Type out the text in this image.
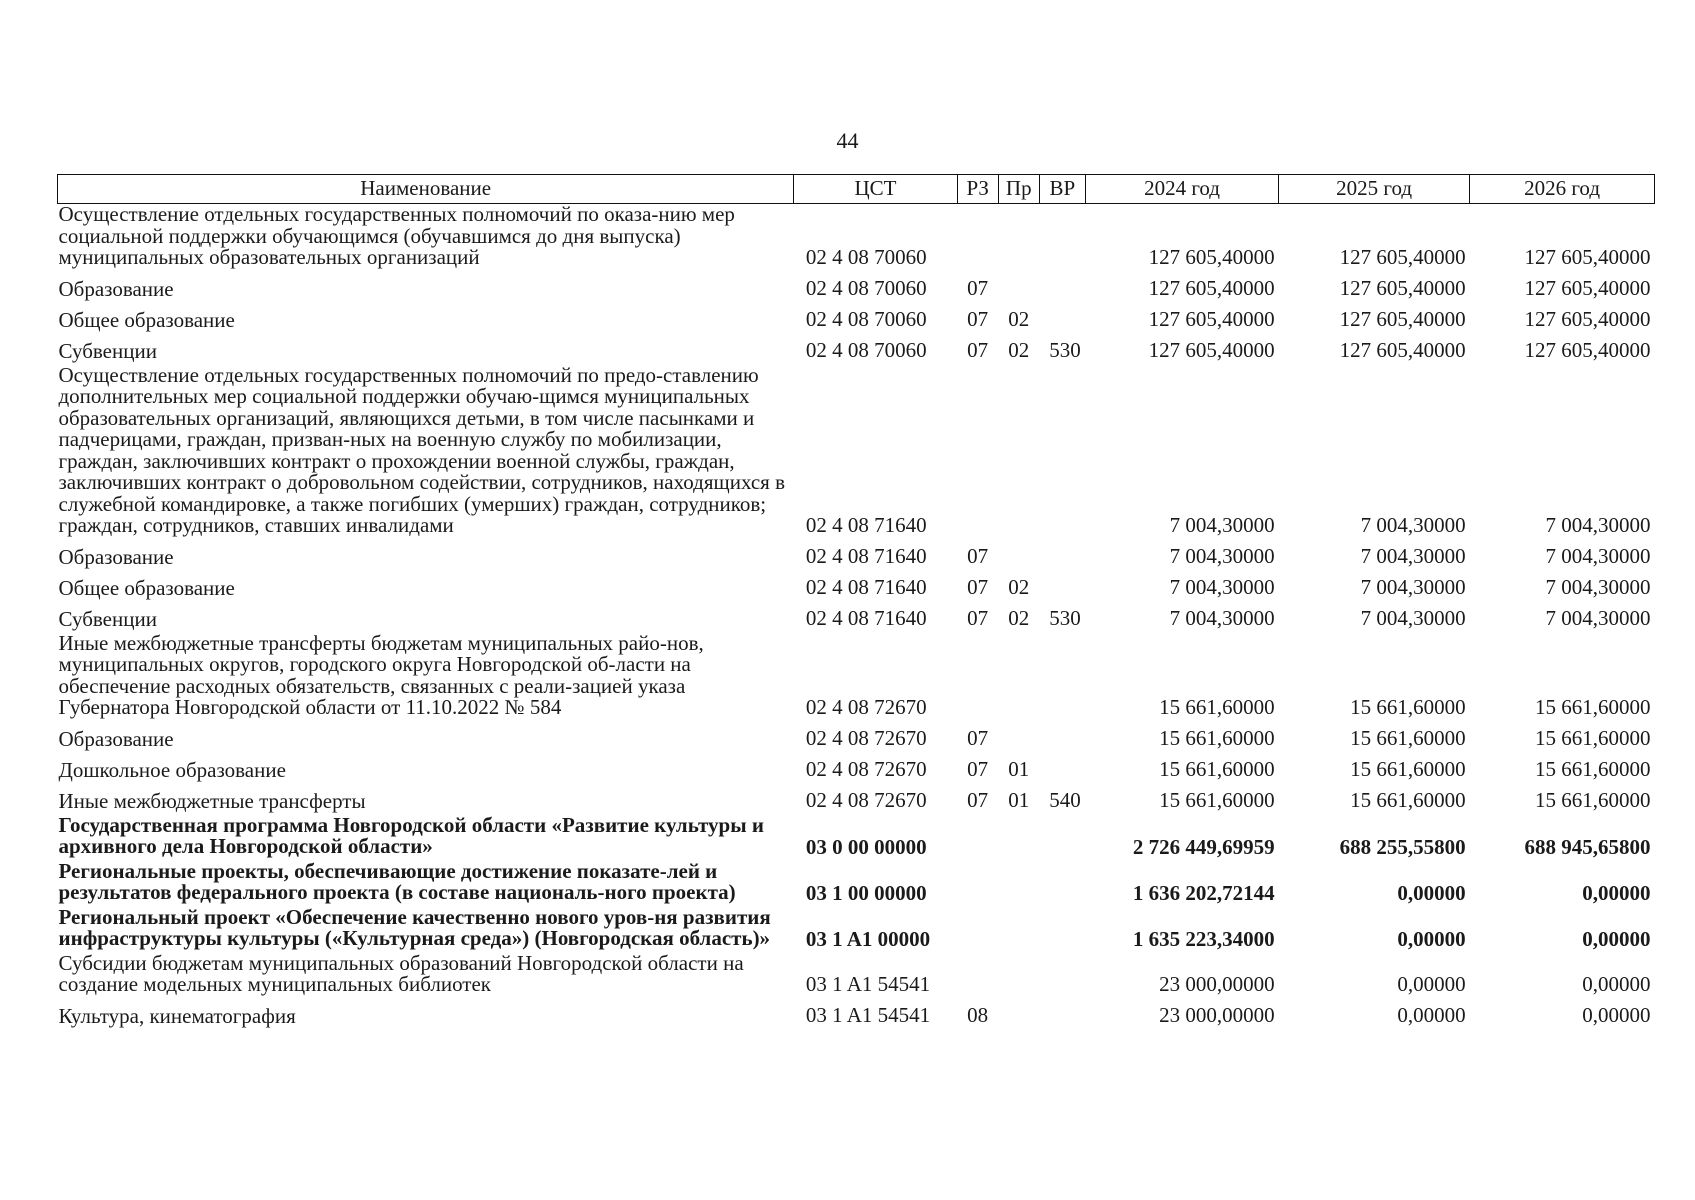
44
Наименование	ЦСТ	РЗ	Пр	ВР	2024 год	2025 год	2026 год
Осуществление отдельных государственных полномочий по оказа-нию мер социальной поддержки обучающимся (обучавшимся до дня выпуска) муниципальных образовательных организаций	02 4 08 70060				127 605,40000	127 605,40000	127 605,40000
Образование	02 4 08 70060	07			127 605,40000	127 605,40000	127 605,40000
Общее образование	02 4 08 70060	07	02		127 605,40000	127 605,40000	127 605,40000
Субвенции	02 4 08 70060	07	02	530	127 605,40000	127 605,40000	127 605,40000
Осуществление отдельных государственных полномочий по предо-ставлению дополнительных мер социальной поддержки обучаю-щимся муниципальных образовательных организаций, являющихся детьми, в том числе пасынками и падчерицами, граждан, призван-ных на военную службу по мобилизации, граждан, заключивших контракт о прохождении военной службы, граждан, заключивших контракт о добровольном содействии, сотрудников, находящихся в служебной командировке, а также погибших (умерших) граждан, сотрудников; граждан, сотрудников, ставших инвалидами	02 4 08 71640				7 004,30000	7 004,30000	7 004,30000
Образование	02 4 08 71640	07			7 004,30000	7 004,30000	7 004,30000
Общее образование	02 4 08 71640	07	02		7 004,30000	7 004,30000	7 004,30000
Субвенции	02 4 08 71640	07	02	530	7 004,30000	7 004,30000	7 004,30000
Иные межбюджетные трансферты бюджетам муниципальных райо-нов, муниципальных округов, городского округа Новгородской об-ласти на обеспечение расходных обязательств, связанных с реали-зацией указа Губернатора Новгородской области от 11.10.2022 № 584	02 4 08 72670				15 661,60000	15 661,60000	15 661,60000
Образование	02 4 08 72670	07			15 661,60000	15 661,60000	15 661,60000
Дошкольное образование	02 4 08 72670	07	01		15 661,60000	15 661,60000	15 661,60000
Иные межбюджетные трансферты	02 4 08 72670	07	01	540	15 661,60000	15 661,60000	15 661,60000
Государственная программа Новгородской области «Развитие культуры и архивного дела Новгородской области»	03 0 00 00000				2 726 449,69959	688 255,55800	688 945,65800
Региональные проекты, обеспечивающие достижение показате-лей и результатов федерального проекта (в составе националь-ного проекта)	03 1 00 00000				1 636 202,72144	0,00000	0,00000
Региональный проект «Обеспечение качественно нового уров-ня развития инфраструктуры культуры («Культурная среда») (Новгородская область)»	03 1 A1 00000				1 635 223,34000	0,00000	0,00000
Субсидии бюджетам муниципальных образований Новгородской области на создание модельных муниципальных библиотек	03 1 A1 54541				23 000,00000	0,00000	0,00000
Культура, кинематография	03 1 A1 54541	08			23 000,00000	0,00000	0,00000
